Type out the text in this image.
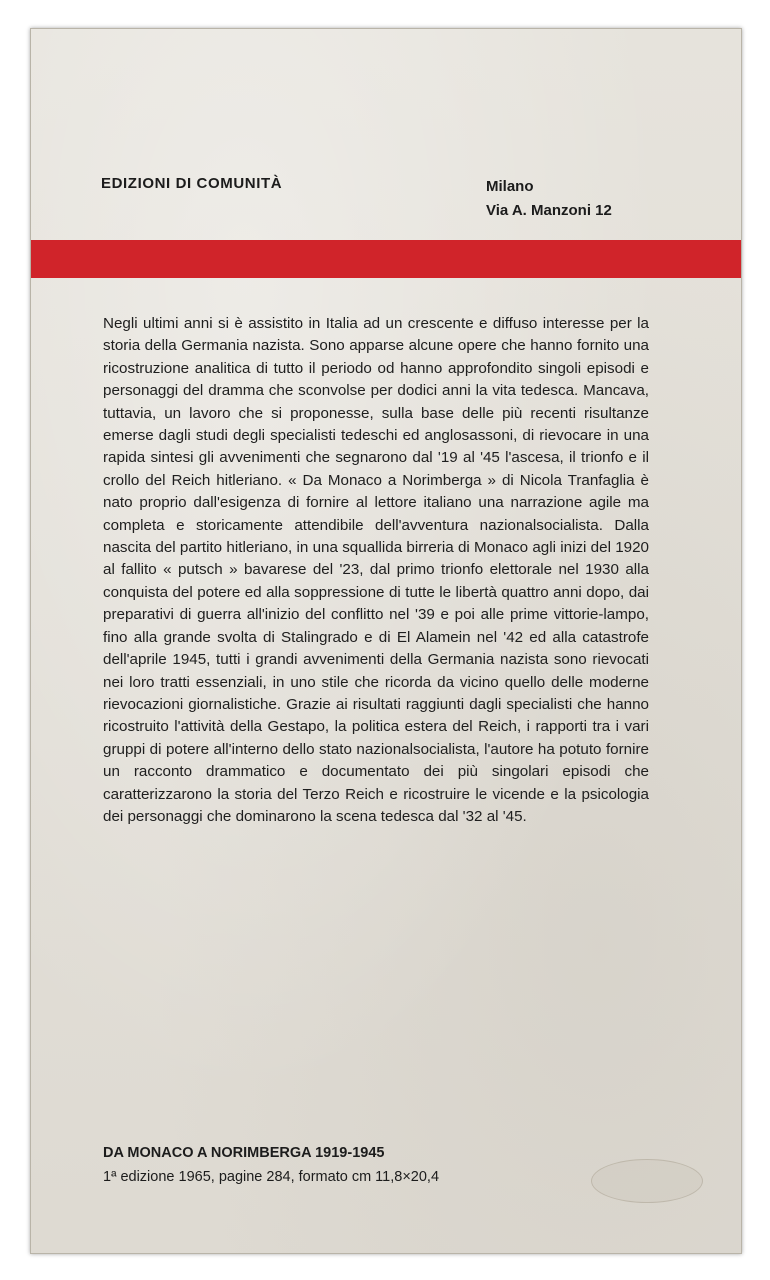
EDIZIONI DI COMUNITÀ	Milano
Via A. Manzoni 12
Negli ultimi anni si è assistito in Italia ad un crescente e diffuso interesse per la storia della Germania nazista. Sono apparse alcune opere che hanno fornito una ricostruzione analitica di tutto il periodo od hanno approfondito singoli episodi e personaggi del dramma che sconvolse per dodici anni la vita tedesca. Mancava, tuttavia, un lavoro che si proponesse, sulla base delle più recenti risultanze emerse dagli studi degli specialisti tedeschi ed anglosassoni, di rievocare in una rapida sintesi gli avvenimenti che segnarono dal '19 al '45 l'ascesa, il trionfo e il crollo del Reich hitleriano. « Da Monaco a Norimberga » di Nicola Tranfaglia è nato proprio dall'esigenza di fornire al lettore italiano una narrazione agile ma completa e storicamente attendibile dell'avventura nazionalsocialista. Dalla nascita del partito hitleriano, in una squallida birreria di Monaco agli inizi del 1920 al fallito « putsch » bavarese del '23, dal primo trionfo elettorale nel 1930 alla conquista del potere ed alla soppressione di tutte le libertà quattro anni dopo, dai preparativi di guerra all'inizio del conflitto nel '39 e poi alle prime vittorie-lampo, fino alla grande svolta di Stalingrado e di El Alamein nel '42 ed alla catastrofe dell'aprile 1945, tutti i grandi avvenimenti della Germania nazista sono rievocati nei loro tratti essenziali, in uno stile che ricorda da vicino quello delle moderne rievocazioni giornalistiche. Grazie ai risultati raggiunti dagli specialisti che hanno ricostruito l'attività della Gestapo, la politica estera del Reich, i rapporti tra i vari gruppi di potere all'interno dello stato nazionalsocialista, l'autore ha potuto fornire un racconto drammatico e documentato dei più singolari episodi che caratterizzarono la storia del Terzo Reich e ricostruire le vicende e la psicologia dei personaggi che dominarono la scena tedesca dal '32 al '45.
DA MONACO A NORIMBERGA 1919-1945
1ª edizione 1965, pagine 284, formato cm 11,8×20,4
